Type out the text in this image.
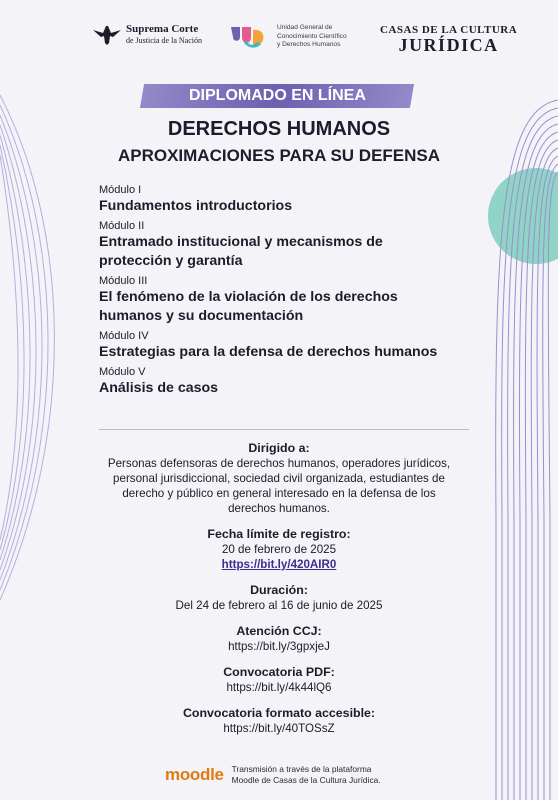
Suprema Corte
de Justicia de la Nación
Unidad General de
Conocimiento Científico
y Derechos Humanos
CASAS DE LA CULTURA
JURÍDICA
DIPLOMADO EN LÍNEA
DERECHOS HUMANOS
APROXIMACIONES PARA SU DEFENSA
Módulo I
Fundamentos introductorios
Módulo II
Entramado institucional y mecanismos de protección y garantía
Módulo III
El fenómeno de la violación de los derechos humanos y su documentación
Módulo IV
Estrategias para la defensa de derechos humanos
Módulo V
Análisis de casos
Dirigido a:
Personas defensoras de derechos humanos, operadores jurídicos, personal jurisdiccional, sociedad civil organizada, estudiantes de derecho y público en general interesado en la defensa de los derechos humanos.
Fecha límite de registro:
20 de febrero de 2025
https://bit.ly/420AIR0
Duración:
Del 24 de febrero al 16 de junio de 2025
Atención CCJ:
https://bit.ly/3gpxjeJ
Convocatoria PDF:
https://bit.ly/4k44lQ6
Convocatoria formato accesible:
https://bit.ly/40TOSsZ
moodle Transmisión a través de la plataforma
Moodle de Casas de la Cultura Jurídica.
